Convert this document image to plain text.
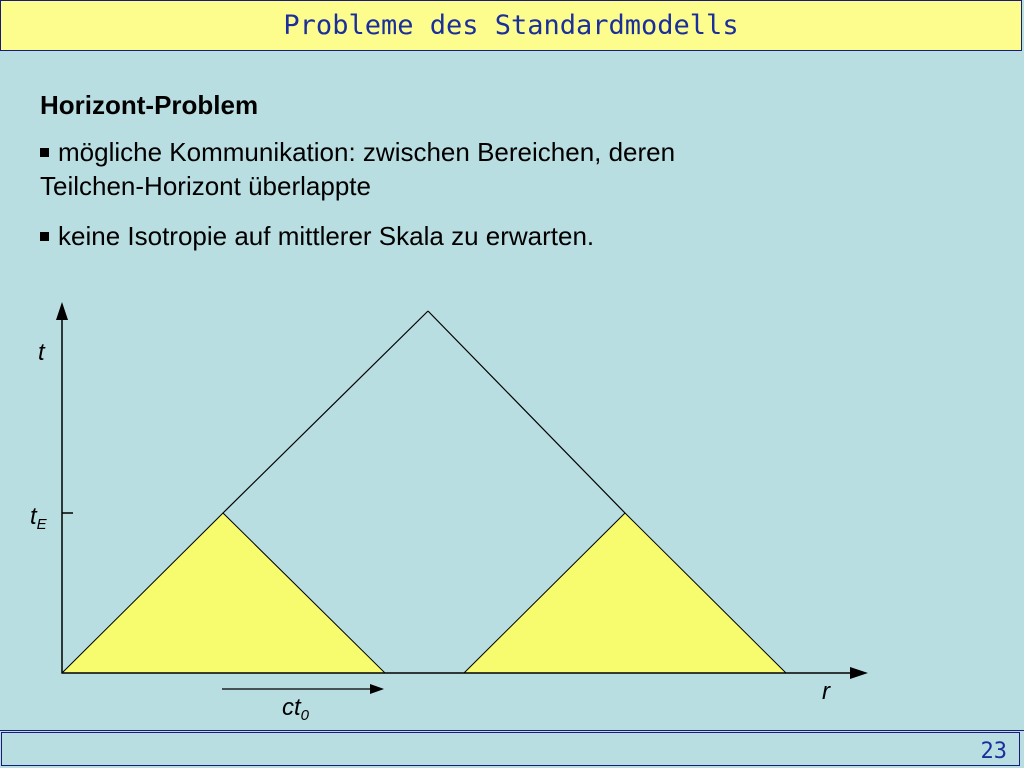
Probleme des Standardmodells
Horizont-Problem
mögliche Kommunikation: zwischen Bereichen, deren
Teilchen-Horizont überlappte
keine Isotropie auf mittlerer Skala zu erwarten.
t
tE
r
ct0
23
